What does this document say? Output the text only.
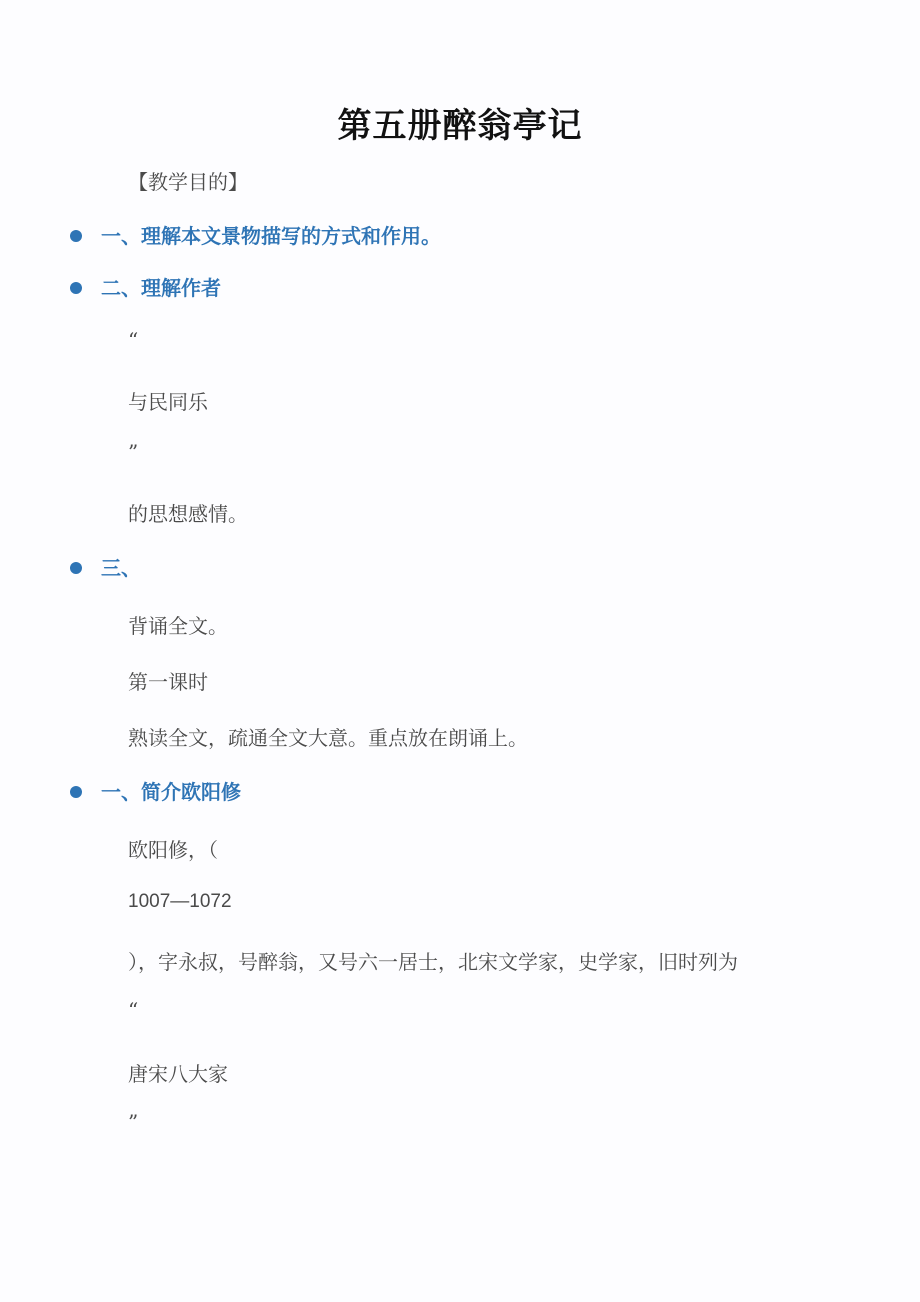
第五册醉翁亭记
【教学目的】
一、理解本文景物描写的方式和作用。
二、理解作者
“
与民同乐
”
的思想感情。
三、
背诵全文。
第一课时
熟读全文，疏通全文大意。重点放在朗诵上。
一、简介欧阳修
欧阳修，（
1007—1072
），字永叔，号醉翁，又号六一居士，北宋文学家，史学家，旧时列为
“
唐宋八大家
”
